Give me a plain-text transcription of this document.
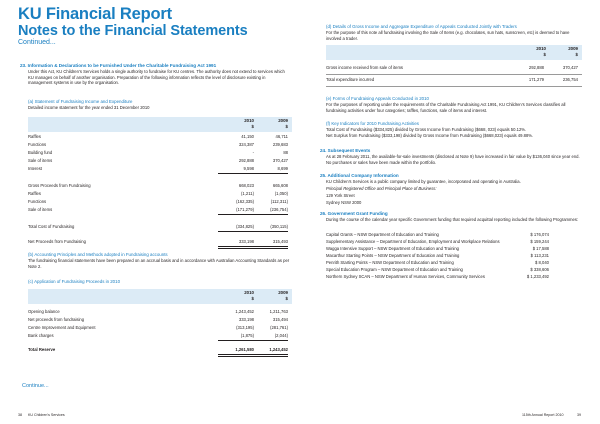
KU Financial Report
Notes to the Financial Statements
Continued...
23. Information & Declarations to be Furnished Under the Charitable Fundraising Act 1991
Under this Act, KU Children’s Services holds a single authority to fundraise for KU centres. The authority does not extend to services which KU manages on behalf of another organisation. Preparation of the following information reflects the level of disclosure existing in management systems in use by the organisation.
(a) Statement of Fundraising Income and Expenditure
Detailed income statement for the year ended 31 December 2010
2010	2009
$	$
Raffles	41,150	46,711
Functions	324,387	239,683
Building fund	-	88
Sale of items	292,888	370,427
Interest	9,598	8,699
Gross Proceeds from Fundraising	668,023	665,608
Raffles	(1,211)	(1,050)
Functions	(162,335)	(112,311)
Sale of items	(171,279)	(236,754)
Total Cost of Fundraising	(334,825)	(350,115)
Net Proceeds from Fundraising	333,198	315,493
(b) Accounting Principles and Methods adopted in Fundraising accounts
The fundraising financial statements have been prepared on an accrual basis and in accordance with Australian Accounting Standards as per Note 2.
(c) Application of Fundraising Proceeds in 2010
2010	2009
$	$
Opening balance	1,243,452	1,211,763
Net proceeds from fundraising	333,198	315,494
Centre Improvement and Equipment	(313,195)	(281,761)
Bank charges	(1,875)	(2,044)
Total Reserve	1,261,580	1,243,452
Continue...
(d) Details of Gross Income and Aggregate Expenditure of Appeals Conducted Jointly with Traders
For the purpose of this note all fundraising involving the Sale of Items (e.g. chocolates, sun hats, sunscreen, etc) is deemed to have involved a trader.
2010	2009
$	$
Gross income received from sale of items	292,888	370,427
Total expenditure incurred	171,279	236,754
(e) Forms of Fundraising Appeals Conducted in 2010
For the purposes of reporting under the requirements of the Charitable Fundraising Act 1991, KU Children’s Services classifies all fundraising activities under four categories; raffles, functions, sale of items and interest.
(f) Key Indicators for 2010 Fundraising Activities
Total Cost of Fundraising ($334,825) divided by Gross Income from Fundraising ($668, 023) equals 50.12%.
Net Surplus from Fundraising ($333,198) divided by Gross Income from Fundraising ($668,023) equals 49.88%.
24. Subsequent Events
As at 28 February 2011, the available-for-sale investments (disclosed at Note 9) have increased in fair value by $136,040 since year end. No purchases or sales have been made within the portfolio.
25. Additional Company Information
KU Children’s Services is a public company limited by guarantee, incorporated and operating in Australia.
Principal Registered Office and Principal Place of Business:
129 York Street
Sydney NSW 2000
26. Government Grant Funding
During the course of the calendar year specific Government funding that required acquittal reporting included the following Programmes:
Capital Grants – NSW Department of Education and Training	$ 176,074
Supplementary Assistance – Department of Education, Employment and Workplace Relations	$ 159,244
Wagga Intensive Support – NSW Department of Education and Training	$ 17,588
Macarthur Starting Points – NSW Department of Education and Training	$ 113,231
Penrith Starting Points – NSW Department of Education and Training	$ 8,040
Special Education Program – NSW Department of Education and Training	$ 338,606
Northern Sydney SCAN – NSW Department of Human Services, Community Services	$ 1,233,492
38 KU Children’s Services	115th Annual Report 2010	39
